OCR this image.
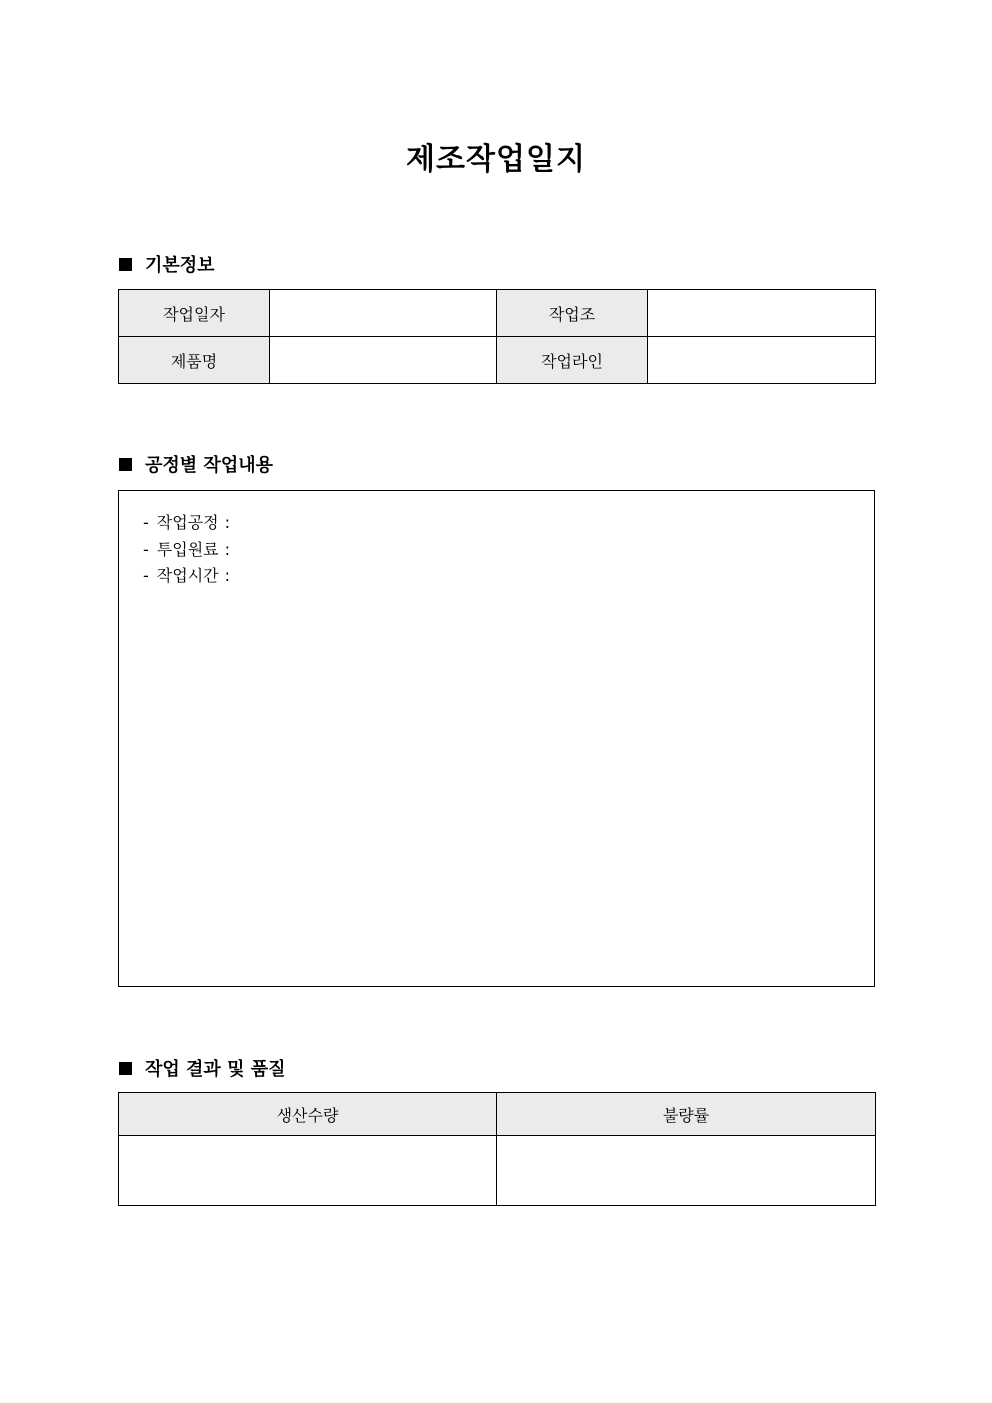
제조작업일지
기본정보
작업일자		작업조	
제품명		작업라인	
공정별 작업내용
- 작업공정 :
- 투입원료 :
- 작업시간 :
작업 결과 및 품질
생산수량	불량률
